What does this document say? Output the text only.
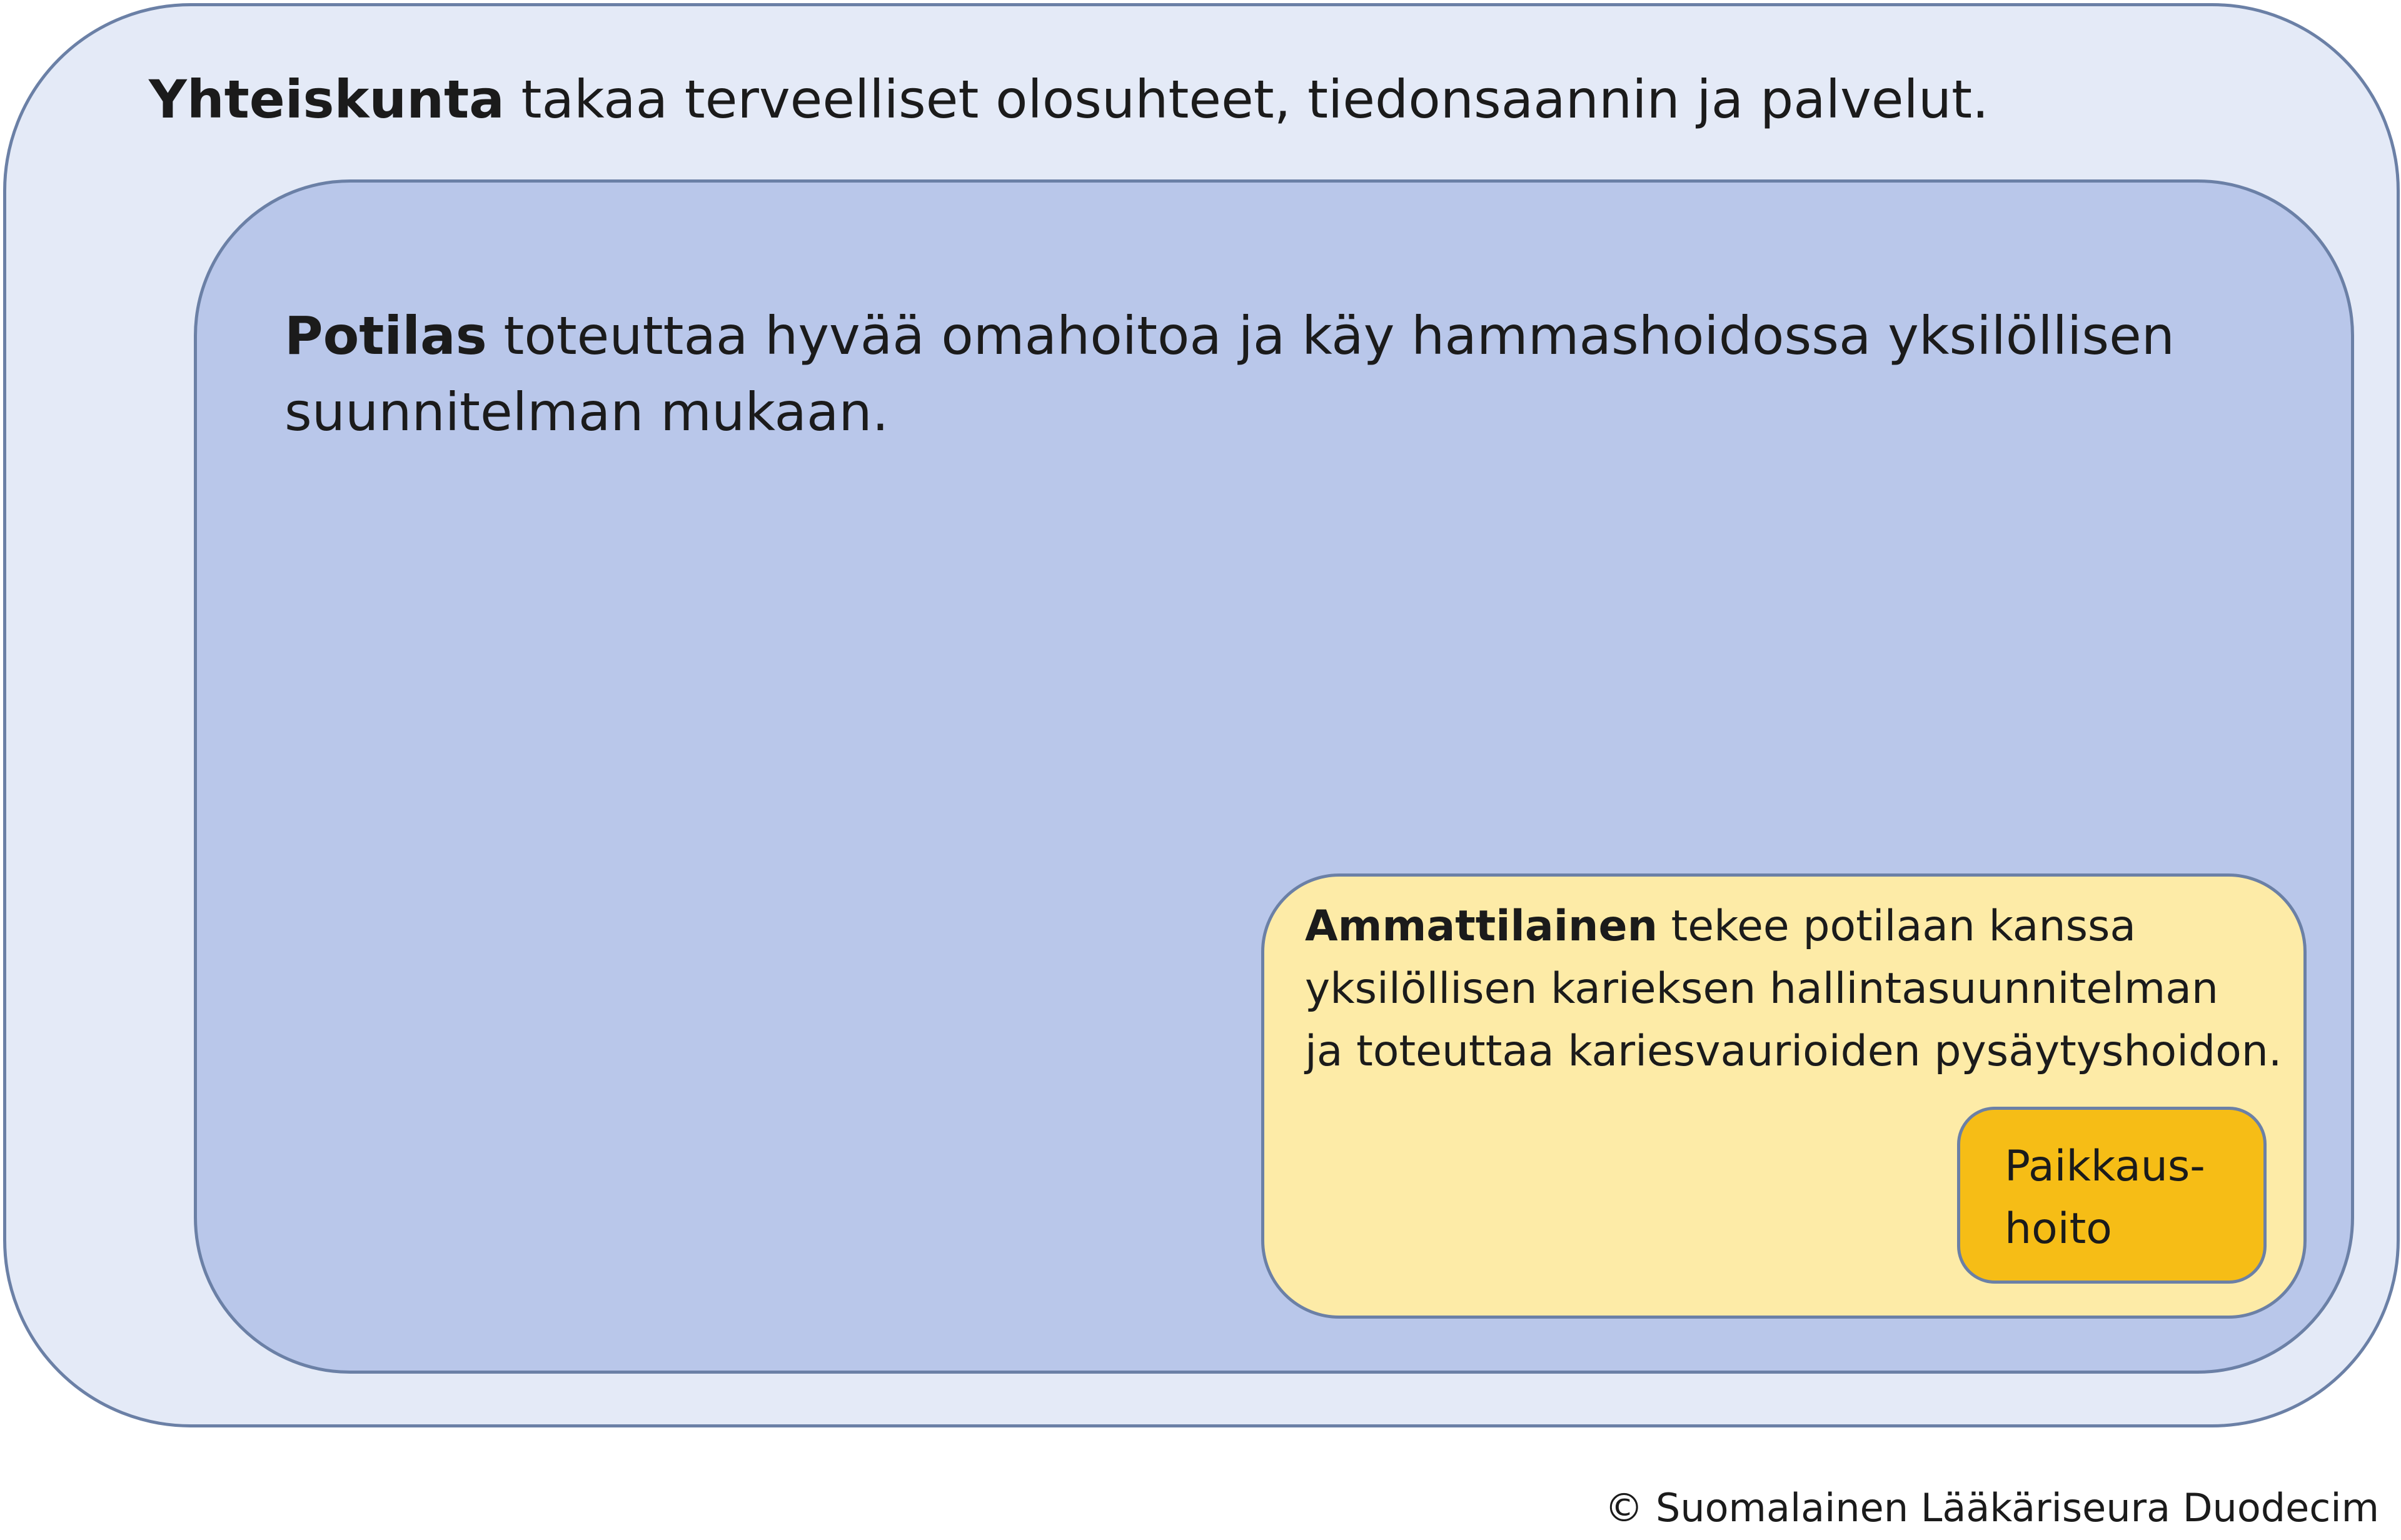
Yhteiskunta takaa terveelliset olosuhteet, tiedonsaannin ja palvelut.

Potilas toteuttaa hyvää omahoitoa ja käy hammashoidossa yksilöllisen
suunnitelman mukaan.

Ammattilainen tekee potilaan kanssa
yksilöllisen karieksen hallintasuunnitelman
ja toteuttaa kariesvaurioiden pysäytyshoidon.

Paikkaus-
hoito

© Suomalainen Lääkäriseura Duodecim
